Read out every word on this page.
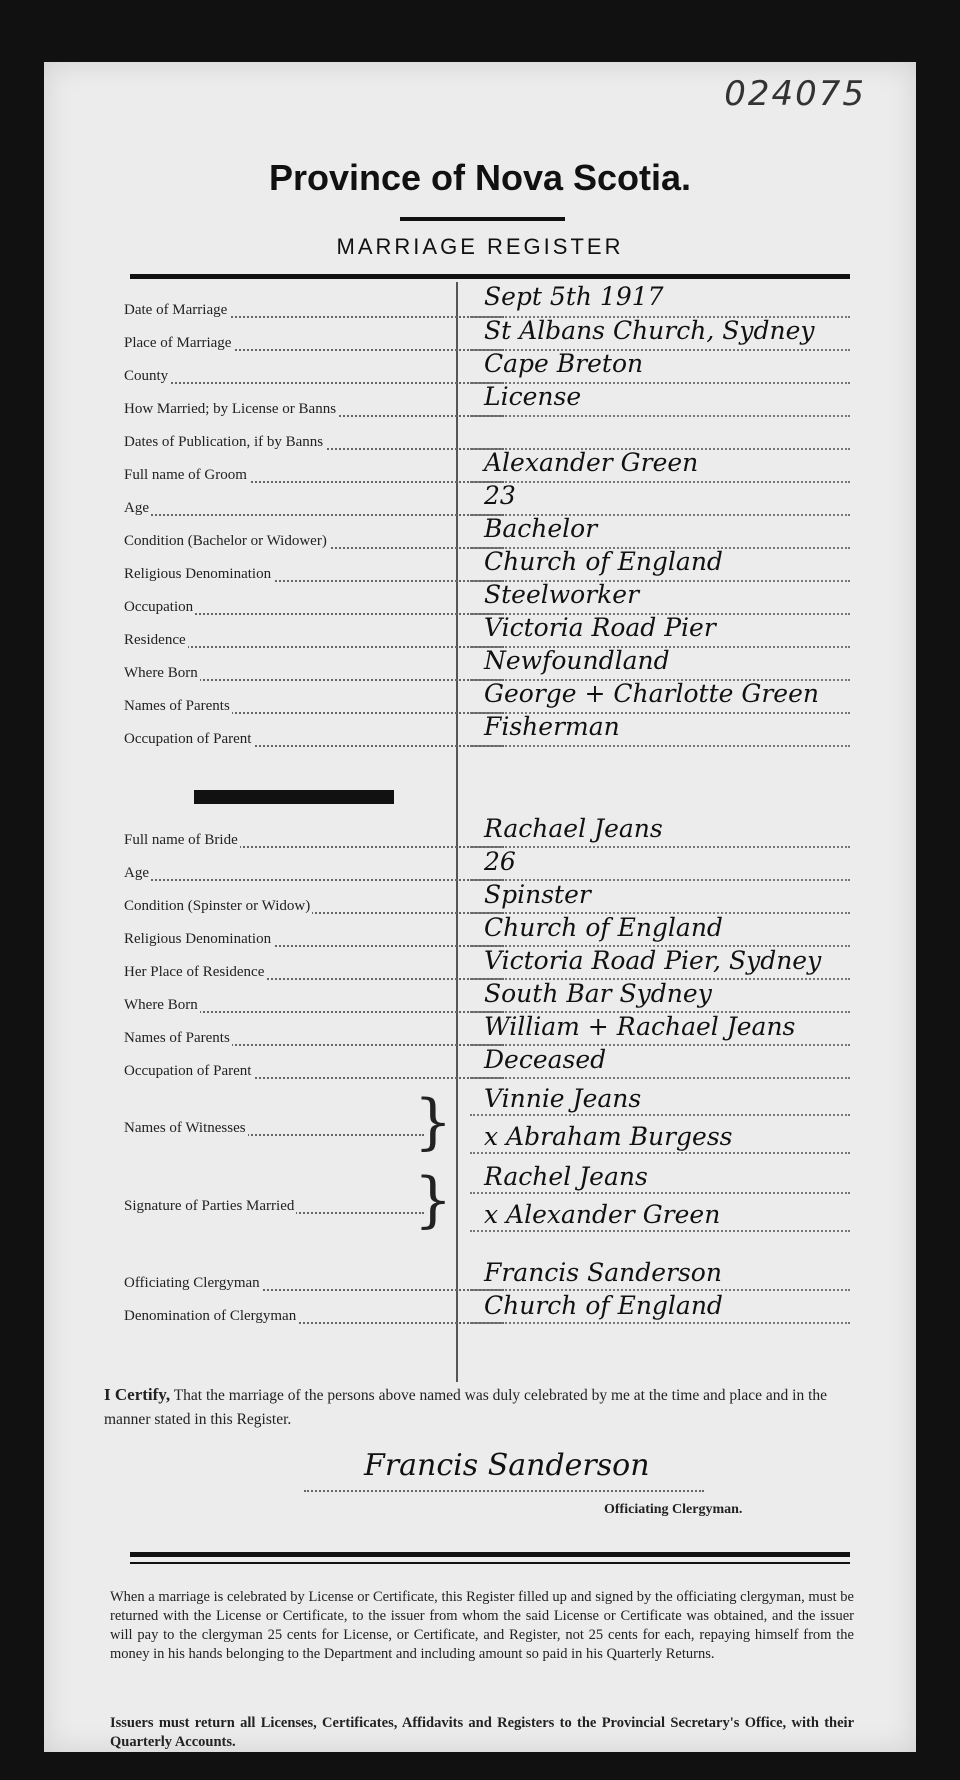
024075
Province of Nova Scotia.
MARRIAGE REGISTER
Date of Marriage
Place of Marriage
County
How Married; by License or Banns
Dates of Publication, if by Banns
Full name of Groom
Age
Condition (Bachelor or Widower)
Religious Denomination
Occupation
Residence
Where Born
Names of Parents
Occupation of Parent
Full name of Bride
Age
Condition (Spinster or Widow)
Religious Denomination
Her Place of Residence
Where Born
Names of Parents
Occupation of Parent
Names of Witnesses	}
Signature of Parties Married	}
Officiating Clergyman
Denomination of Clergyman
Sept 5th 1917
St Albans Church, Sydney
Cape Breton
License
Alexander Green
23
Bachelor
Church of England
Steelworker
Victoria Road Pier
Newfoundland
George + Charlotte Green
Fisherman
Rachael Jeans
26
Spinster
Church of England
Victoria Road Pier, Sydney
South Bar Sydney
William + Rachael Jeans
Deceased
Vinnie Jeans
x Abraham Burgess
Rachel Jeans
x Alexander Green
Francis Sanderson
Church of England
I Certify, That the marriage of the persons above named was duly celebrated by me at the time and place and in the manner stated in this Register.
Francis Sanderson
Officiating Clergyman.
When a marriage is celebrated by License or Certificate, this Register filled up and signed by the officiating clergyman, must be returned with the License or Certificate, to the issuer from whom the said License or Certificate was obtained, and the issuer will pay to the clergyman 25 cents for License, or Certificate, and Register, not 25 cents for each, repaying himself from the money in his hands belonging to the Department and including amount so paid in his Quarterly Returns.
Issuers must return all Licenses, Certificates, Affidavits and Registers to the Provincial Secretary's Office, with their Quarterly Accounts.
